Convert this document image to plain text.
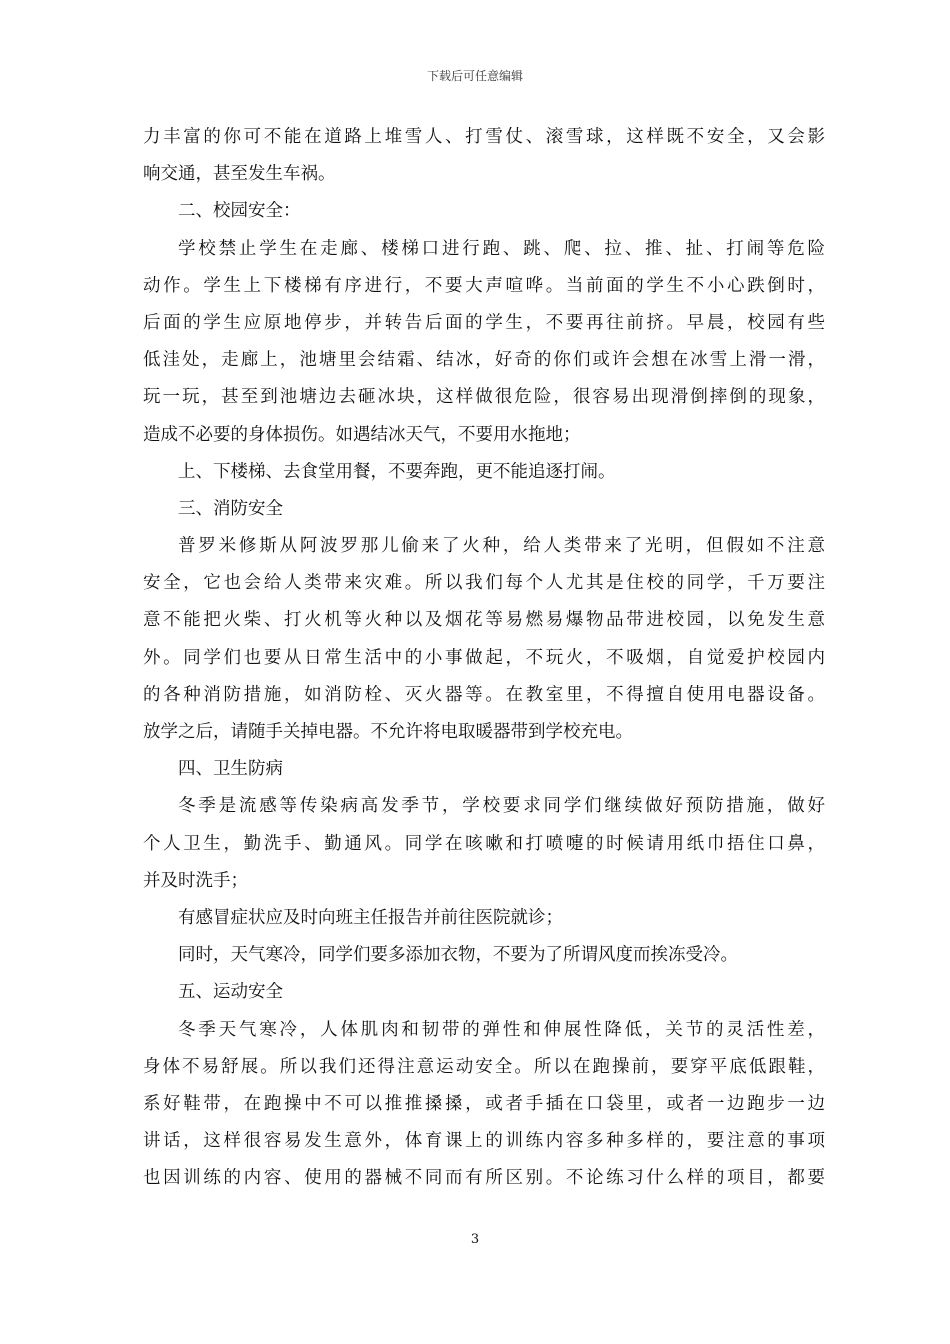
下载后可任意编辑
力丰富的你可不能在道路上堆雪人、打雪仗、滚雪球，这样既不安全，又会影
响交通，甚至发生车祸。
二、校园安全：
学校禁止学生在走廊、楼梯口进行跑、跳、爬、拉、推、扯、打闹等危险
动作。学生上下楼梯有序进行，不要大声喧哗。当前面的学生不小心跌倒时，
后面的学生应原地停步，并转告后面的学生，不要再往前挤。早晨，校园有些
低洼处，走廊上，池塘里会结霜、结冰，好奇的你们或许会想在冰雪上滑一滑，
玩一玩，甚至到池塘边去砸冰块，这样做很危险，很容易出现滑倒摔倒的现象，
造成不必要的身体损伤。如遇结冰天气，不要用水拖地；
上、下楼梯、去食堂用餐，不要奔跑，更不能追逐打闹。
三、消防安全
普罗米修斯从阿波罗那儿偷来了火种，给人类带来了光明，但假如不注意
安全，它也会给人类带来灾难。所以我们每个人尤其是住校的同学，千万要注
意不能把火柴、打火机等火种以及烟花等易燃易爆物品带进校园，以免发生意
外。同学们也要从日常生活中的小事做起，不玩火，不吸烟，自觉爱护校园内
的各种消防措施，如消防栓、灭火器等。在教室里，不得擅自使用电器设备。
放学之后，请随手关掉电器。不允许将电取暖器带到学校充电。
四、卫生防病
冬季是流感等传染病高发季节，学校要求同学们继续做好预防措施，做好
个人卫生，勤洗手、勤通风。同学在咳嗽和打喷嚏的时候请用纸巾捂住口鼻，
并及时洗手；
有感冒症状应及时向班主任报告并前往医院就诊；
同时，天气寒冷，同学们要多添加衣物，不要为了所谓风度而挨冻受冷。
五、运动安全
冬季天气寒冷，人体肌肉和韧带的弹性和伸展性降低，关节的灵活性差，
身体不易舒展。所以我们还得注意运动安全。所以在跑操前，要穿平底低跟鞋，
系好鞋带，在跑操中不可以推推搡搡，或者手插在口袋里，或者一边跑步一边
讲话，这样很容易发生意外，体育课上的训练内容多种多样的，要注意的事项
也因训练的内容、使用的器械不同而有所区别。不论练习什么样的项目，都要
3
